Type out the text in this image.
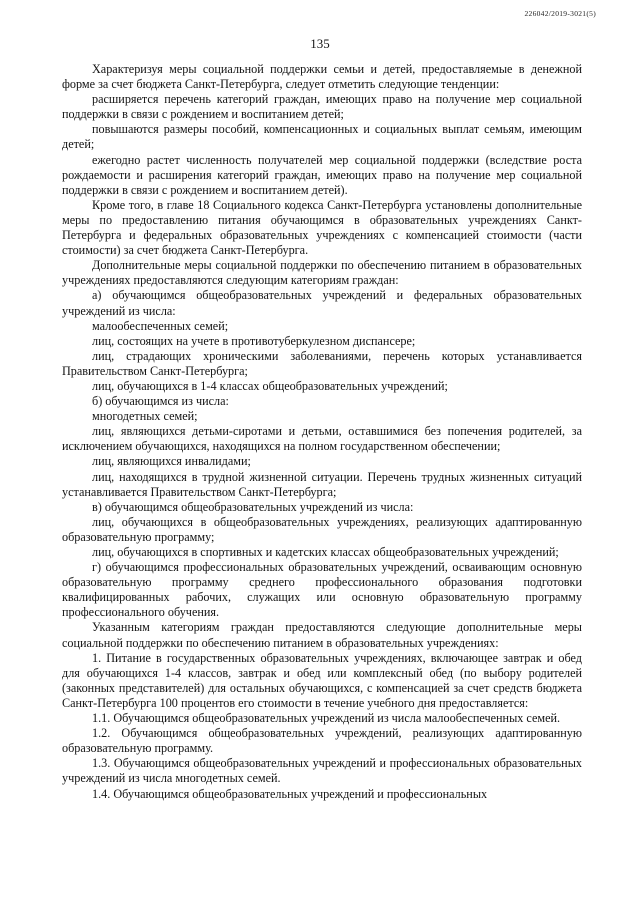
226042/2019-3021(5)
135

Характеризуя меры социальной поддержки семьи и детей, предоставляемые в денежной форме за счет бюджета Санкт-Петербурга, следует отметить следующие тенденции:

расширяется перечень категорий граждан, имеющих право на получение мер социальной поддержки в связи с рождением и воспитанием детей;

повышаются размеры пособий, компенсационных и социальных выплат семьям, имеющим детей;

ежегодно растет численность получателей мер социальной поддержки (вследствие роста рождаемости и расширения категорий граждан, имеющих право на получение мер социальной поддержки в связи с рождением и воспитанием детей).

Кроме того, в главе 18 Социального кодекса Санкт-Петербурга установлены дополнительные меры по предоставлению питания обучающимся в образовательных учреждениях Санкт-Петербурга и федеральных образовательных учреждениях с компенсацией стоимости (части стоимости) за счет бюджета Санкт-Петербурга.

Дополнительные меры социальной поддержки по обеспечению питанием в образовательных учреждениях предоставляются следующим категориям граждан:

а) обучающимся общеобразовательных учреждений и федеральных образовательных учреждений из числа:

малообеспеченных семей;

лиц, состоящих на учете в противотуберкулезном диспансере;

лиц, страдающих хроническими заболеваниями, перечень которых устанавливается Правительством Санкт-Петербурга;

лиц, обучающихся в 1-4 классах общеобразовательных учреждений;

б) обучающимся из числа:

многодетных семей;

лиц, являющихся детьми-сиротами и детьми, оставшимися без попечения родителей, за исключением обучающихся, находящихся на полном государственном обеспечении;

лиц, являющихся инвалидами;

лиц, находящихся в трудной жизненной ситуации. Перечень трудных жизненных ситуаций устанавливается Правительством Санкт-Петербурга;

в) обучающимся общеобразовательных учреждений из числа:

лиц, обучающихся в общеобразовательных учреждениях, реализующих адаптированную образовательную программу;

лиц, обучающихся в спортивных и кадетских классах общеобразовательных учреждений;

г) обучающимся профессиональных образовательных учреждений, осваивающим основную образовательную программу среднего профессионального образования подготовки квалифицированных рабочих, служащих или основную образовательную программу профессионального обучения.

Указанным категориям граждан предоставляются следующие дополнительные меры социальной поддержки по обеспечению питанием в образовательных учреждениях:

1. Питание в государственных образовательных учреждениях, включающее завтрак и обед для обучающихся 1-4 классов, завтрак и обед или комплексный обед (по выбору родителей (законных представителей) для остальных обучающихся, с компенсацией за счет средств бюджета Санкт-Петербурга 100 процентов его стоимости в течение учебного дня предоставляется:

1.1. Обучающимся общеобразовательных учреждений из числа малообеспеченных семей.

1.2. Обучающимся общеобразовательных учреждений, реализующих адаптированную образовательную программу.

1.3. Обучающимся общеобразовательных учреждений и профессиональных образовательных учреждений из числа многодетных семей.

1.4. Обучающимся общеобразовательных учреждений и профессиональных
